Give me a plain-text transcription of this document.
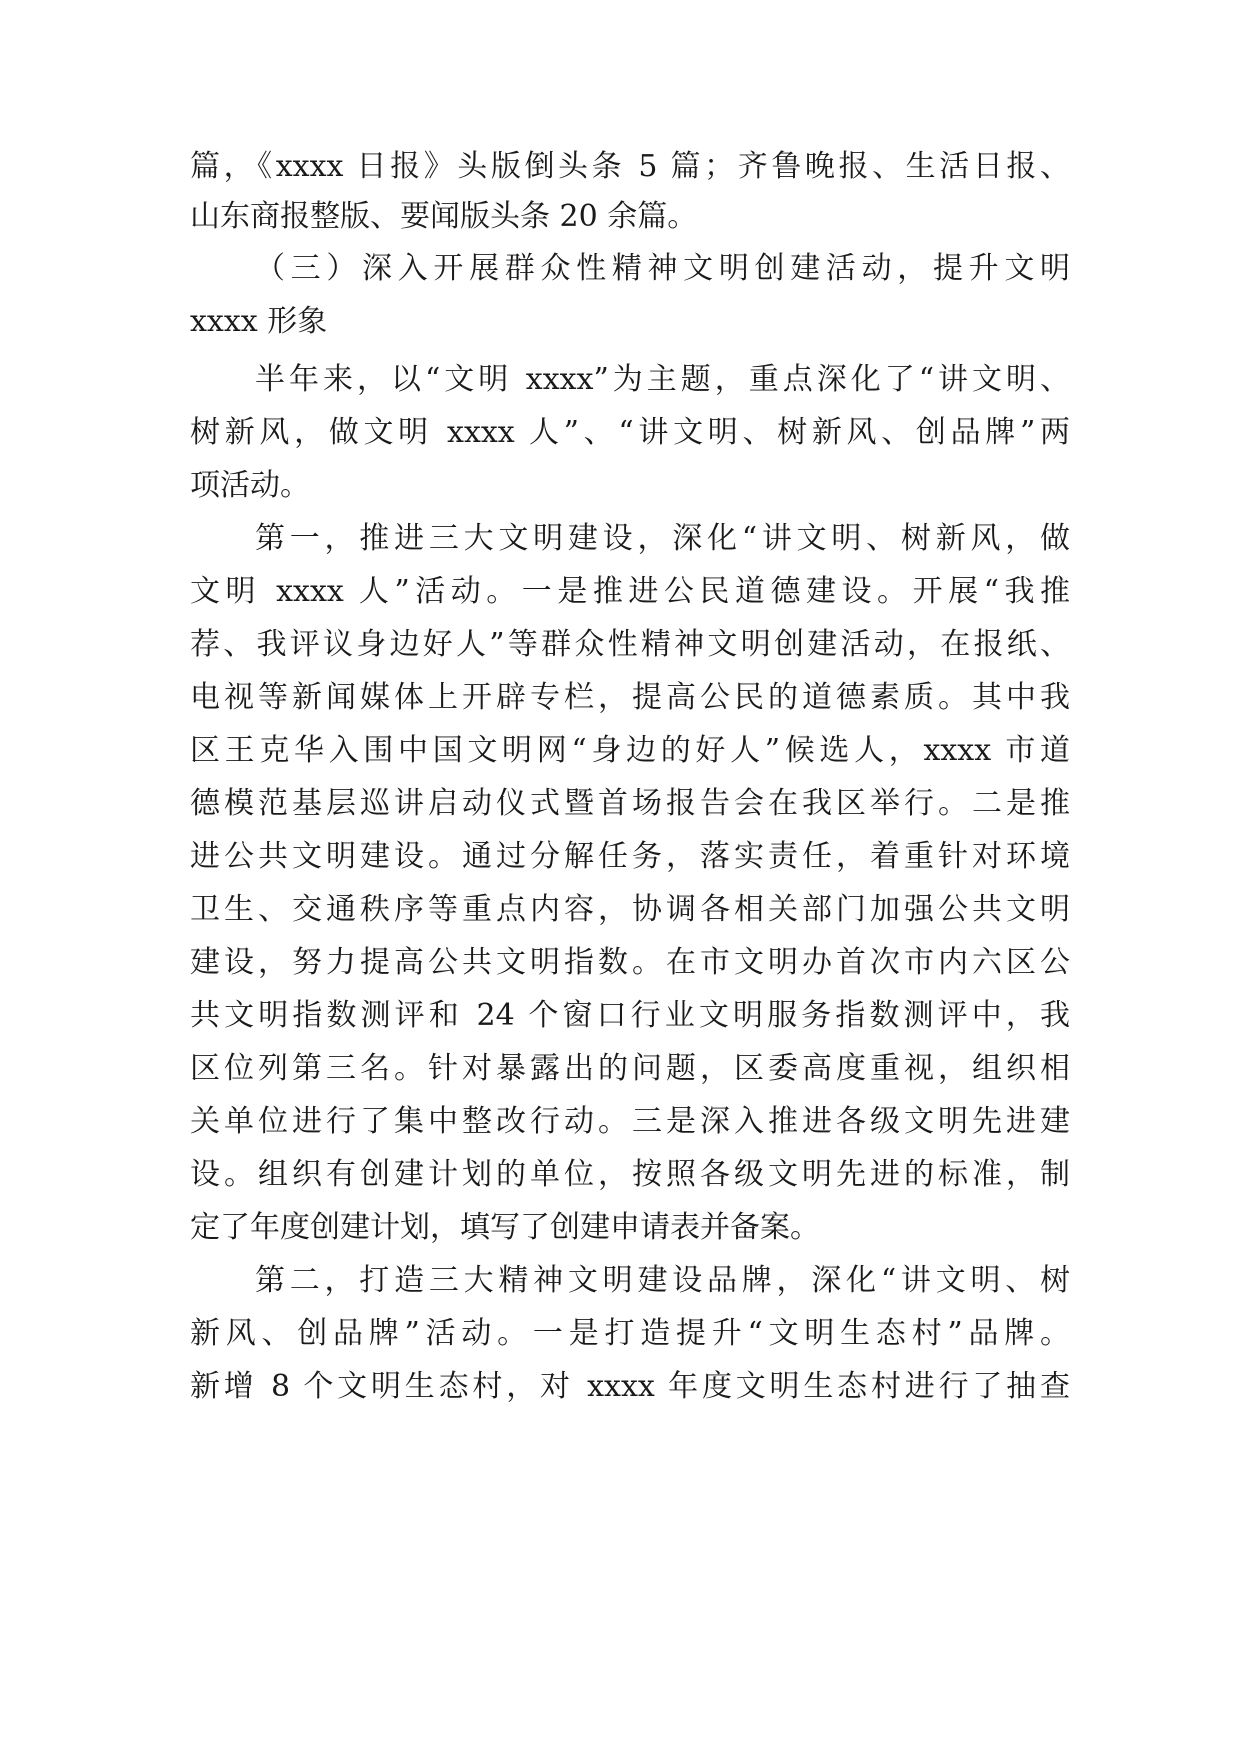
篇，《xxxx 日报》头版倒头条 5 篇；齐鲁晚报、生活日报、
山东商报整版、要闻版头条 20 余篇。
（三）深入开展群众性精神文明创建活动，提升文明
xxxx 形象
半年来，以“文明 xxxx”为主题，重点深化了“讲文明、
树新风，做文明 xxxx 人”、“讲文明、树新风、创品牌”两
项活动。
第一，推进三大文明建设，深化“讲文明、树新风，做
文明 xxxx 人”活动。一是推进公民道德建设。开展“我推
荐、我评议身边好人”等群众性精神文明创建活动，在报纸、
电视等新闻媒体上开辟专栏，提高公民的道德素质。其中我
区王克华入围中国文明网“身边的好人”候选人，xxxx 市道
德模范基层巡讲启动仪式暨首场报告会在我区举行。二是推
进公共文明建设。通过分解任务，落实责任，着重针对环境
卫生、交通秩序等重点内容，协调各相关部门加强公共文明
建设，努力提高公共文明指数。在市文明办首次市内六区公
共文明指数测评和 24 个窗口行业文明服务指数测评中，我
区位列第三名。针对暴露出的问题，区委高度重视，组织相
关单位进行了集中整改行动。三是深入推进各级文明先进建
设。组织有创建计划的单位，按照各级文明先进的标准，制
定了年度创建计划，填写了创建申请表并备案。
第二，打造三大精神文明建设品牌，深化“讲文明、树
新风、创品牌”活动。一是打造提升“文明生态村”品牌。
新增 8 个文明生态村，对 xxxx 年度文明生态村进行了抽查
